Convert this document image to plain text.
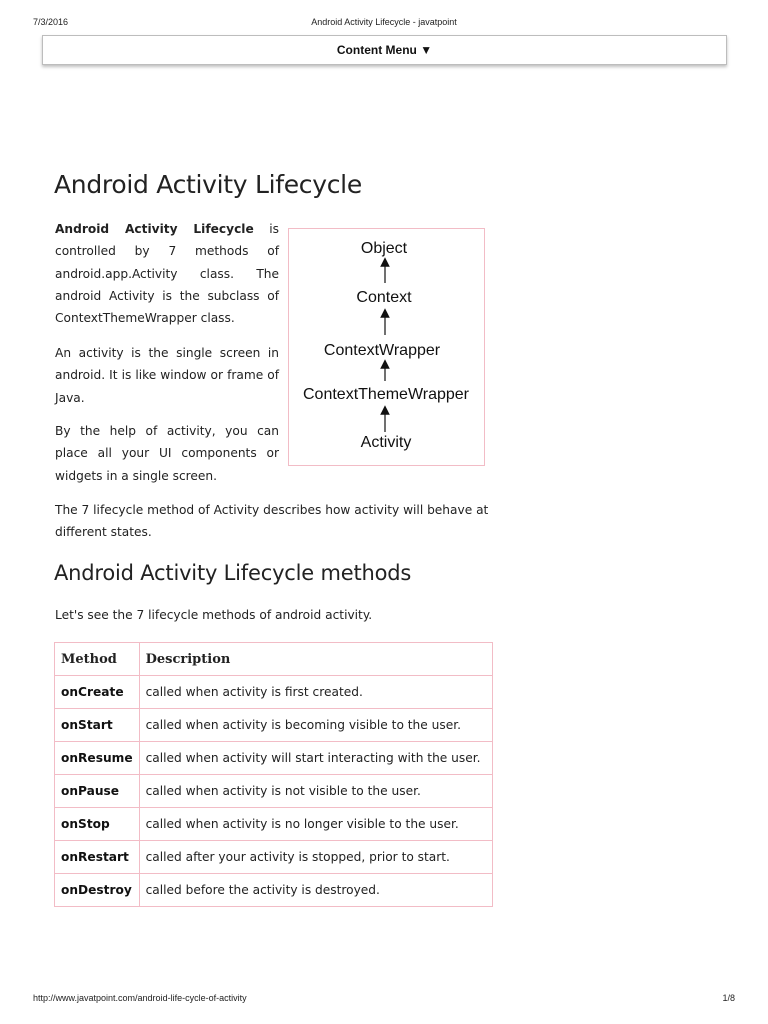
7/3/2016	Android Activity Lifecycle - javatpoint
Content Menu ▼
Android Activity Lifecycle

Android Activity Lifecycle is controlled by 7 methods of android.app.Activity class. The android Activity is the subclass of ContextThemeWrapper class.

An activity is the single screen in android. It is like window or frame of Java.

By the help of activity, you can place all your UI components or widgets in a single screen.

The 7 lifecycle method of Activity describes how activity will behave at different states.

Object
Context
ContextWrapper
ContextThemeWrapper
Activity
Android Activity Lifecycle methods

Let's see the 7 lifecycle methods of android activity.

Method	Description
onCreate	called when activity is first created.
onStart	called when activity is becoming visible to the user.
onResume	called when activity will start interacting with the user.
onPause	called when activity is not visible to the user.
onStop	called when activity is no longer visible to the user.
onRestart	called after your activity is stopped, prior to start.
onDestroy	called before the activity is destroyed.
http://www.javatpoint.com/android-life-cycle-of-activity	1/8
